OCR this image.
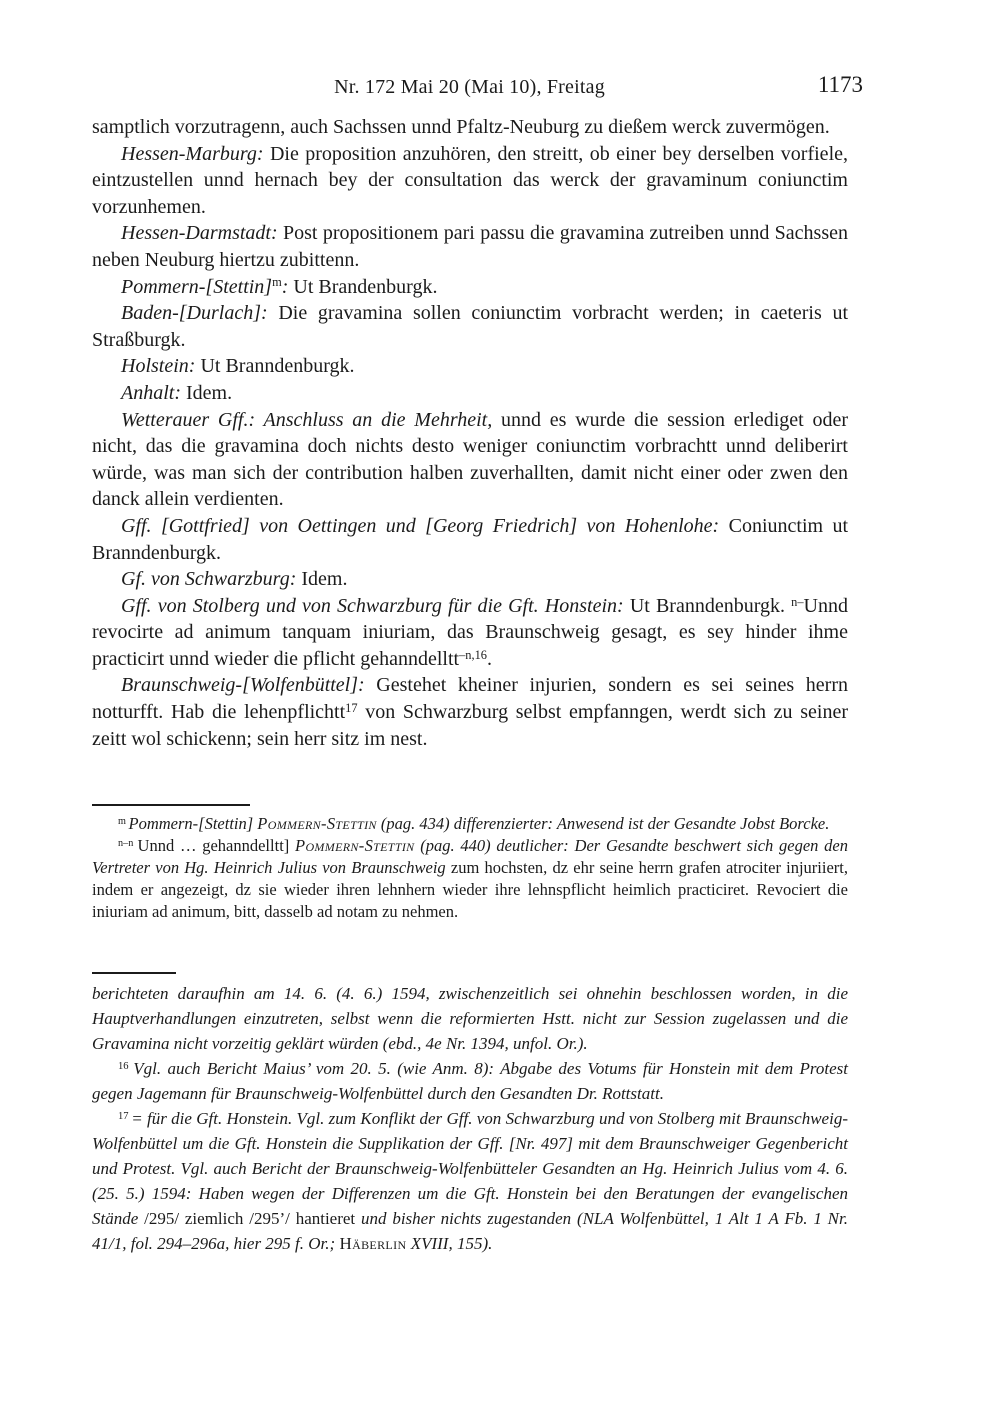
Nr. 172 Mai 20 (Mai 10), Freitag	1173

samptlich vorzutragenn, auch Sachssen unnd Pfaltz-Neuburg zu dießem werck zuvermögen.

Hessen-Marburg: Die proposition anzuhören, den streitt, ob einer bey derselben vorfiele, eintzustellen unnd hernach bey der consultation das werck der gravaminum coniunctim vorzunhemen.

Hessen-Darmstadt: Post propositionem pari passu die gravamina zutreiben unnd Sachssen neben Neuburg hiertzu zubittenn.

Pommern-[Stettin]$^m$: Ut Brandenburgk.

Baden-[Durlach]: Die gravamina sollen coniunctim vorbracht werden; in caeteris ut Straßburgk.

Holstein: Ut Branndenburgk.

Anhalt: Idem.

Wetterauer Gff.: Anschluss an die Mehrheit, unnd es wurde die session erlediget oder nicht, das die gravamina doch nichts desto weniger coniunctim vorbrachtt unnd deliberirt würde, was man sich der contribution halben zuverhallten, damit nicht einer oder zwen den danck allein verdienten.

Gff. [Gottfried] von Oettingen und [Georg Friedrich] von Hohenlohe: Coniunctim ut Branndenburgk.

Gf. von Schwarzburg: Idem.

Gff. von Stolberg und von Schwarzburg für die Gft. Honstein: Ut Branndenburgk. $^{n-}$Unnd revocirte ad animum tanquam iniuriam, das Braunschweig gesagt, es sey hinder ihme practicirt unnd wieder die pflicht gehanndelltt$^{-n,16}$.

Braunschweig-[Wolfenbüttel]: Gestehet kheiner injurien, sondern es sei seines herrn notturfft. Hab die lehenpflichtt$^{17}$ von Schwarzburg selbst empfanngen, werdt sich zu seiner zeitt wol schickenn; sein herr sitz im nest.

$^m$ Pommern-[Stettin] Pommern-Stettin (pag. 434) differenzierter: Anwesend ist der Gesandte Jobst Borcke.

$^{n-n}$ Unnd … gehanndelltt] Pommern-Stettin (pag. 440) deutlicher: Der Gesandte beschwert sich gegen den Vertreter von Hg. Heinrich Julius von Braunschweig zum hochsten, dz ehr seine herrn grafen atrociter injuriiert, indem er angezeigt, dz sie wieder ihren lehnhern wieder ihre lehnspflicht heimlich practiciret. Revociert die iniuriam ad animum, bitt, dasselb ad notam zu nehmen.

berichteten daraufhin am 14. 6. (4. 6.) 1594, zwischenzeitlich sei ohnehin beschlossen worden, in die Hauptverhandlungen einzutreten, selbst wenn die reformierten Hstt. nicht zur Session zugelassen und die Gravamina nicht vorzeitig geklärt würden (ebd., 4e Nr. 1394, unfol. Or.).

$^{16}$ Vgl. auch Bericht Maius’ vom 20. 5. (wie Anm. 8): Abgabe des Votums für Honstein mit dem Protest gegen Jagemann für Braunschweig-Wolfenbüttel durch den Gesandten Dr. Rottstatt.

$^{17}$ = für die Gft. Honstein. Vgl. zum Konflikt der Gff. von Schwarzburg und von Stolberg mit Braunschweig-Wolfenbüttel um die Gft. Honstein die Supplikation der Gff. [Nr. 497] mit dem Braunschweiger Gegenbericht und Protest. Vgl. auch Bericht der Braunschweig-Wolfenbütteler Gesandten an Hg. Heinrich Julius vom 4. 6. (25. 5.) 1594: Haben wegen der Differenzen um die Gft. Honstein bei den Beratungen der evangelischen Stände /295/ ziemlich /295’/ hantieret und bisher nichts zugestanden (NLA Wolfenbüttel, 1 Alt 1 A Fb. 1 Nr. 41/1, fol. 294–296a, hier 295 f. Or.; Häberlin XVIII, 155).
